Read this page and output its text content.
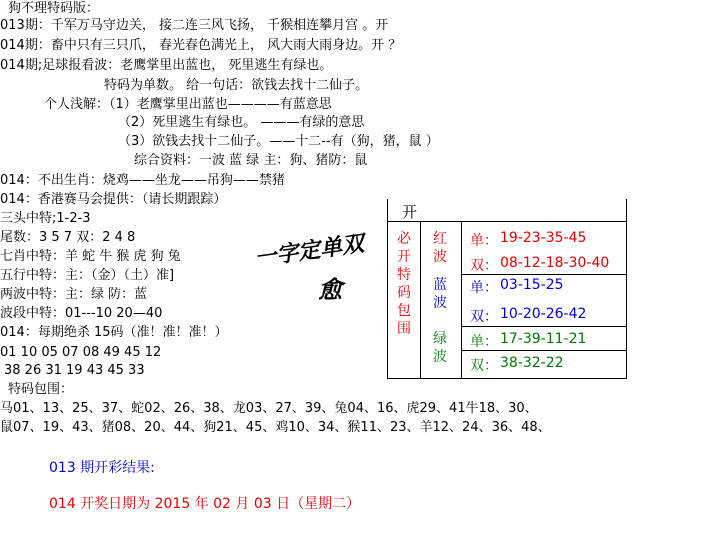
狗不理特码版：
013期：千军万马守边关， 接二连三风飞扬， 千猴相连攀月宫 。开
014期：畜中只有三只爪， 春光春色满光上， 风大雨大雨身边。开 ？
014期;足球报看波：老鹰掌里出蓝也， 死里逃生有绿也。
特码为单数。 给一句话：欲钱去找十二仙子。
个人浅解：（1）老鹰掌里出蓝也————有蓝意思
（2）死里逃生有绿也。 ———有绿的意思
（3）欲钱去找十二仙子。——十二--有（狗，猪，鼠 ）
综合资料：一波 蓝 绿 主：狗、猪防：鼠
014：不出生肖：烧鸡——坐龙——吊狗——禁猪
014：香港赛马会提供：（请长期跟踪）
三头中特;1-2-3
尾数：3 5 7 双：2 4 8
七肖中特：羊 蛇 牛 猴 虎 狗 兔
五行中特：主：（金）（土）准]
两波中特：主：绿 防：蓝
波段中特：01---10 20—40
014：每期绝杀 15码（准！准！准！）
01 10 05 07 08 49 45 12
38 26 31 19 43 45 33
特码包围：
马01、13、25、37、蛇02、26、38、龙03、27、39、兔04、16、虎29、41牛18、30、
鼠07、19、43、猪08、20、44、狗21、45、鸡10、34、猴11、23、羊12、24、36、48、
一字定单双
愈
开
必开特码包围
红波
蓝波
绿波
单： 19-23-35-45
双： 08-12-18-30-40
单： 03-15-25
双： 10-20-26-42
单： 17-39-11-21
双： 38-32-22
013 期开彩结果:
014 开奖日期为 2015 年 02 月 03 日（星期二）
